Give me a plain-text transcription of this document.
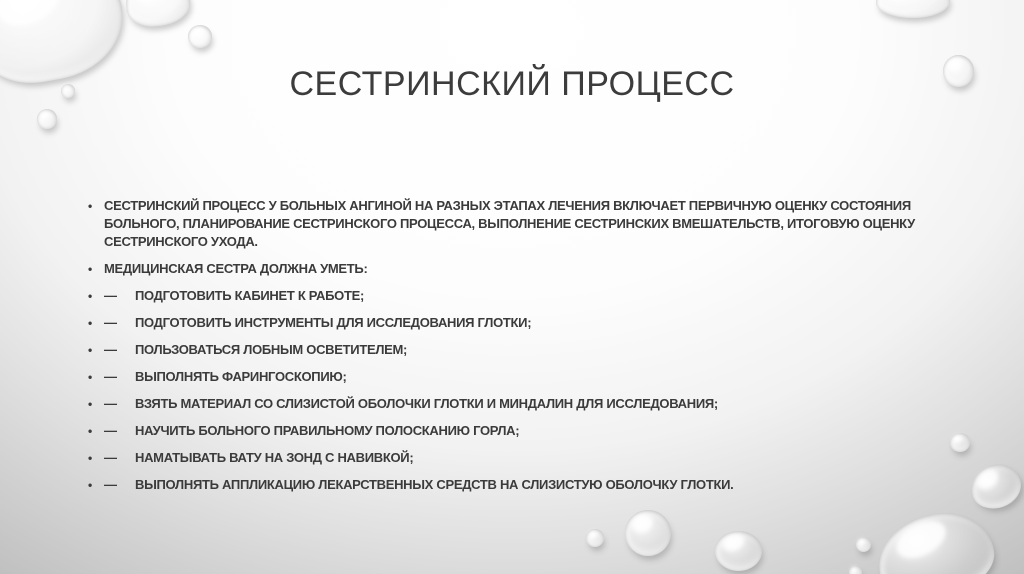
СЕСТРИНСКИЙ ПРОЦЕСС
• СЕСТРИНСКИЙ ПРОЦЕСС У БОЛЬНЫХ АНГИНОЙ НА РАЗНЫХ ЭТАПАХ ЛЕЧЕНИЯ ВКЛЮЧАЕТ ПЕРВИЧНУЮ ОЦЕНКУ СОСТОЯНИЯ БОЛЬНОГО, ПЛАНИРОВАНИЕ СЕСТРИНСКОГО ПРОЦЕССА, ВЫПОЛНЕНИЕ СЕСТРИНСКИХ ВМЕШАТЕЛЬСТВ, ИТОГОВУЮ ОЦЕНКУ СЕСТРИНСКОГО УХОДА.
• МЕДИЦИНСКАЯ СЕСТРА ДОЛЖНА УМЕТЬ:
• — ПОДГОТОВИТЬ КАБИНЕТ К РАБОТЕ;
• — ПОДГОТОВИТЬ ИНСТРУМЕНТЫ ДЛЯ ИССЛЕДОВАНИЯ ГЛОТКИ;
• — ПОЛЬЗОВАТЬСЯ ЛОБНЫМ ОСВЕТИТЕЛЕМ;
• — ВЫПОЛНЯТЬ ФАРИНГОСКОПИЮ;
• — ВЗЯТЬ МАТЕРИАЛ СО СЛИЗИСТОЙ ОБОЛОЧКИ ГЛОТКИ И МИНДАЛИН ДЛЯ ИССЛЕДОВАНИЯ;
• — НАУЧИТЬ БОЛЬНОГО ПРАВИЛЬНОМУ ПОЛОСКАНИЮ ГОРЛА;
• — НАМАТЫВАТЬ ВАТУ НА ЗОНД С НАВИВКОЙ;
• — ВЫПОЛНЯТЬ АППЛИКАЦИЮ ЛЕКАРСТВЕННЫХ СРЕДСТВ НА СЛИЗИСТУЮ ОБОЛОЧКУ ГЛОТКИ.
